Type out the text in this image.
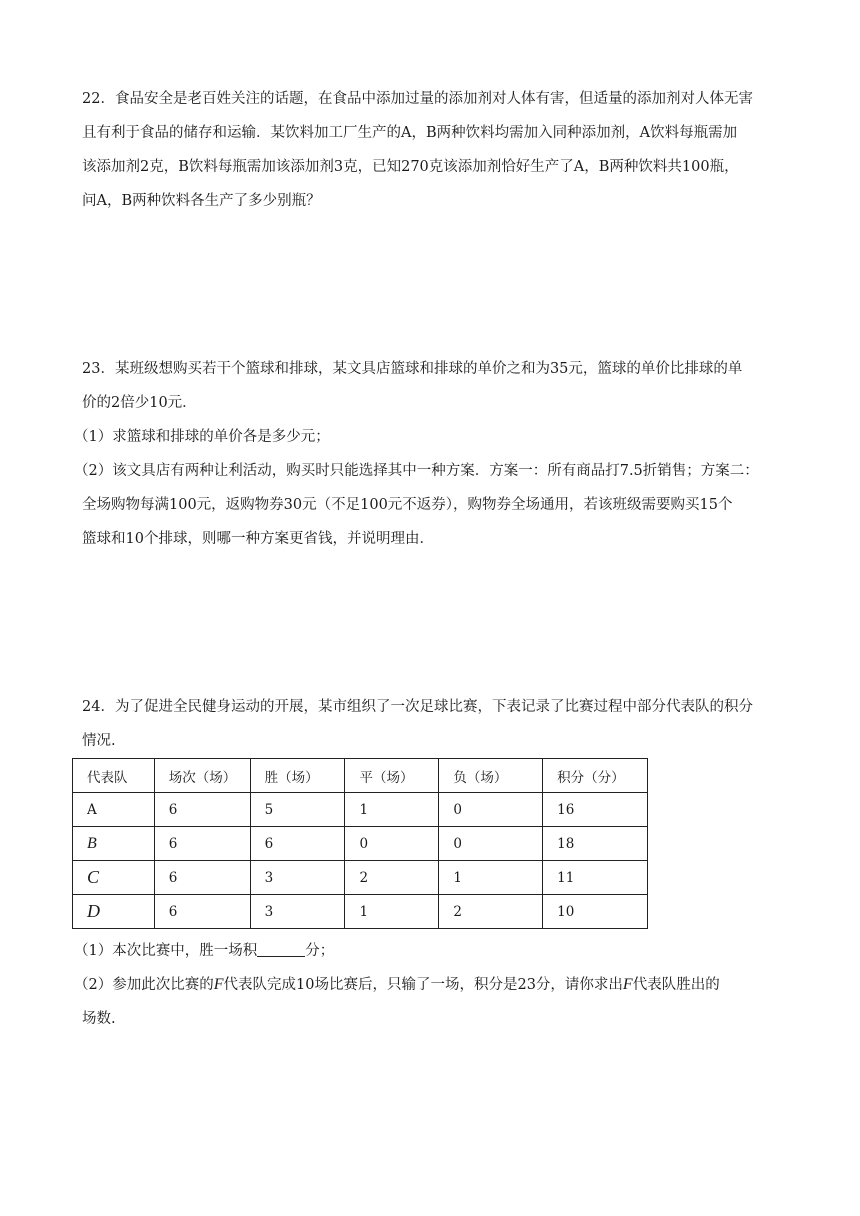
22．食品安全是老百姓关注的话题，在食品中添加过量的添加剂对人体有害，但适量的添加剂对人体无害

且有利于食品的储存和运输．某饮料加工厂生产的A，B两种饮料均需加入同种添加剂，A饮料每瓶需加

该添加剂2克，B饮料每瓶需加该添加剂3克，已知270克该添加剂恰好生产了A，B两种饮料共100瓶，

问A，B两种饮料各生产了多少别瓶？

23．某班级想购买若干个篮球和排球，某文具店篮球和排球的单价之和为35元，篮球的单价比排球的单

价的2倍少10元．

（1）求篮球和排球的单价各是多少元；

（2）该文具店有两种让利活动，购买时只能选择其中一种方案．方案一：所有商品打7.5折销售；方案二：

全场购物每满100元，返购物券30元（不足100元不返券），购物券全场通用，若该班级需要购买15个

篮球和10个排球，则哪一种方案更省钱，并说明理由．

24．为了促进全民健身运动的开展，某市组织了一次足球比赛，下表记录了比赛过程中部分代表队的积分

情况.

代表队	场次（场）	胜（场）	平（场）	负（场）	积分（分）
A	6	5	1	0	16
B	6	6	0	0	18
C	6	3	2	1	11
D	6	3	1	2	10

（1）本次比赛中，胜一场积	分；

（2）参加此次比赛的F代表队完成10场比赛后，只输了一场，积分是23分，请你求出F代表队胜出的

场数.
